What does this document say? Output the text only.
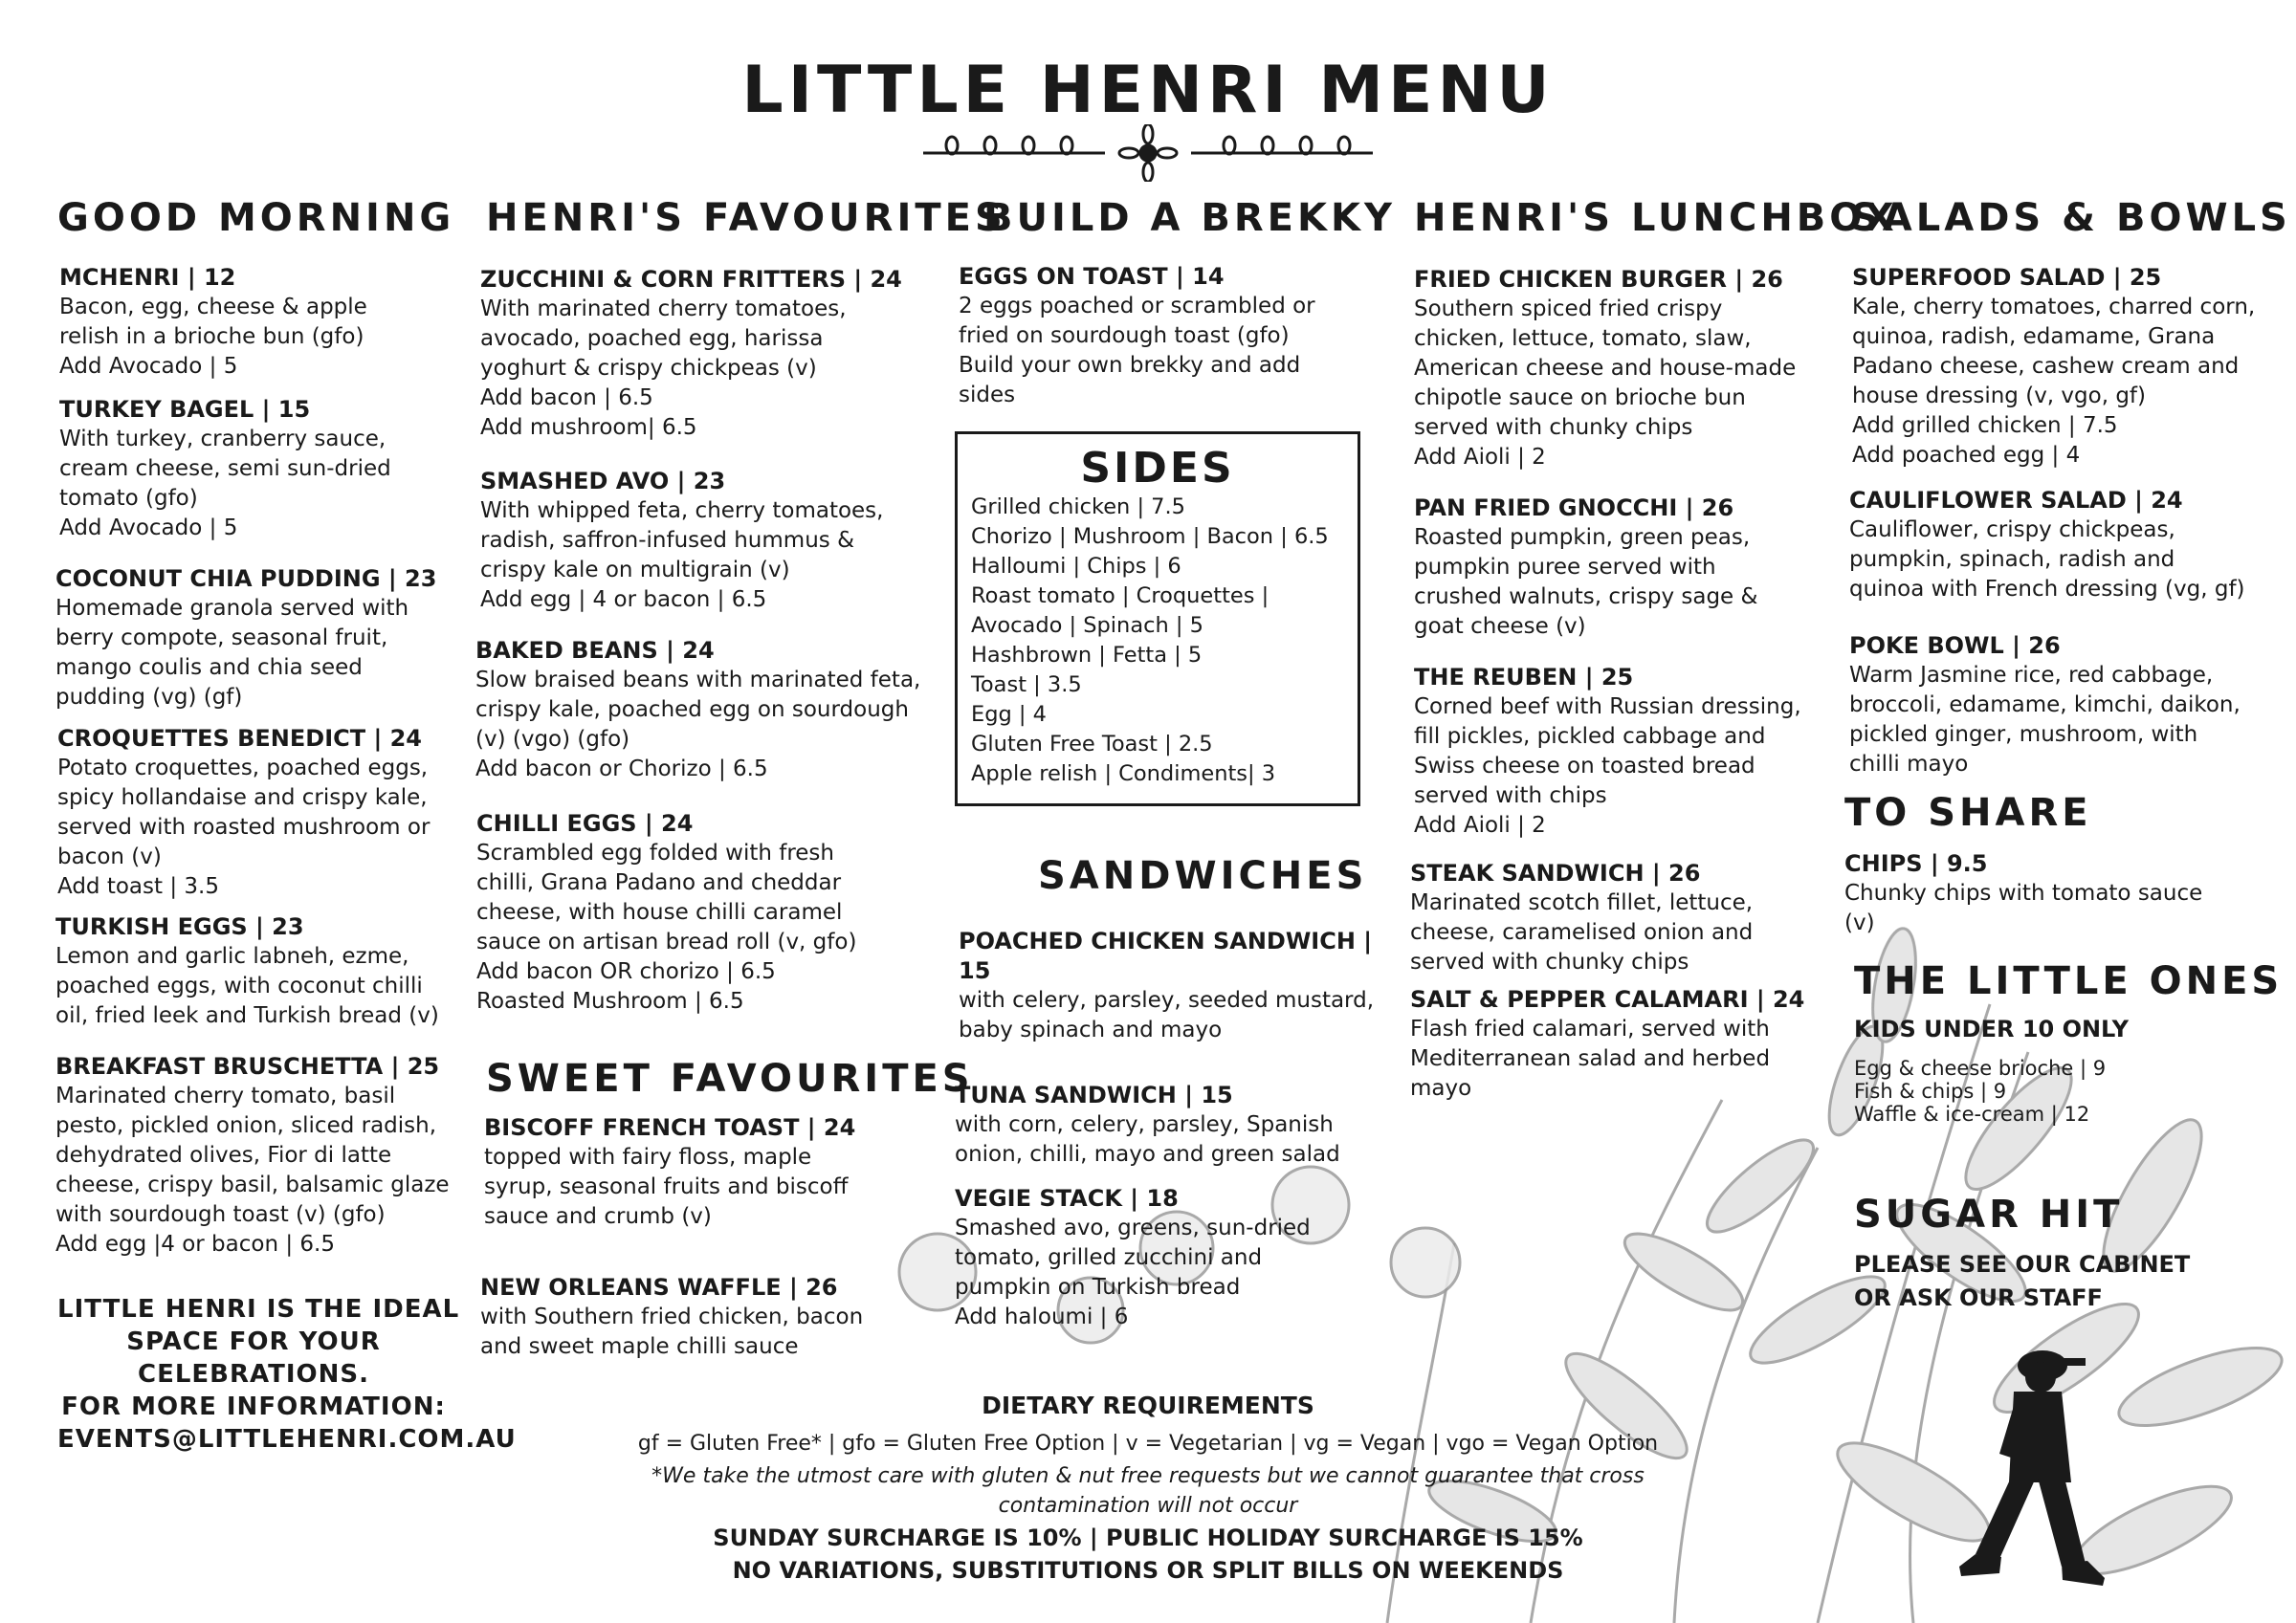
LITTLE HENRI MENU
GOOD MORNING HENRI'S FAVOURITES
BUILD A BREKKY HENRI'S LUNCHBOX
SALADS & BOWLS
SANDWICHES
SWEET FAVOURITES
TO SHARE
THE LITTLE ONES
SUGAR HIT
MCHENRI | 12
Bacon, egg, cheese & apple
relish in a brioche bun (gfo)
Add Avocado | 5
TURKEY BAGEL | 15
With turkey, cranberry sauce,
cream cheese, semi sun-dried
tomato (gfo)
Add Avocado | 5
COCONUT CHIA PUDDING | 23
Homemade granola served with
berry compote, seasonal fruit,
mango coulis and chia seed
pudding (vg) (gf)
CROQUETTES BENEDICT | 24
Potato croquettes, poached eggs,
spicy hollandaise and crispy kale,
served with roasted mushroom or
bacon (v)
Add toast | 3.5
TURKISH EGGS | 23
Lemon and garlic labneh, ezme,
poached eggs, with coconut chilli
oil, fried leek and Turkish bread (v)
BREAKFAST BRUSCHETTA | 25
Marinated cherry tomato, basil
pesto, pickled onion, sliced radish,
dehydrated olives, Fior di latte
cheese, crispy basil, balsamic glaze
with sourdough toast (v) (gfo)
Add egg |4 or bacon | 6.5
ZUCCHINI & CORN FRITTERS | 24
With marinated cherry tomatoes,
avocado, poached egg, harissa
yoghurt & crispy chickpeas (v)
Add bacon | 6.5
Add mushroom| 6.5
SMASHED AVO | 23
With whipped feta, cherry tomatoes,
radish, saffron-infused hummus &
crispy kale on multigrain (v)
Add egg | 4 or bacon | 6.5
BAKED BEANS | 24
Slow braised beans with marinated feta,
crispy kale, poached egg on sourdough
(v) (vgo) (gfo)
Add bacon or Chorizo | 6.5
CHILLI EGGS | 24
Scrambled egg folded with fresh
chilli, Grana Padano and cheddar
cheese, with house chilli caramel
sauce on artisan bread roll (v, gfo)
Add bacon OR chorizo | 6.5
Roasted Mushroom | 6.5
BISCOFF FRENCH TOAST | 24
topped with fairy floss, maple
syrup, seasonal fruits and biscoff
sauce and crumb (v)
NEW ORLEANS WAFFLE | 26
with Southern fried chicken, bacon
and sweet maple chilli sauce
EGGS ON TOAST | 14
2 eggs poached or scrambled or
fried on sourdough toast (gfo)
Build your own brekky and add
sides
SIDES
Grilled chicken | 7.5
Chorizo | Mushroom | Bacon | 6.5
Halloumi | Chips | 6
Roast tomato | Croquettes |
Avocado | Spinach | 5
Hashbrown | Fetta | 5
Toast | 3.5
Egg | 4
Gluten Free Toast | 2.5
Apple relish | Condiments| 3
POACHED CHICKEN SANDWICH |
15
with celery, parsley, seeded mustard,
baby spinach and mayo
TUNA SANDWICH | 15
with corn, celery, parsley, Spanish
onion, chilli, mayo and green salad
VEGIE STACK | 18
Smashed avo, greens, sun-dried
tomato, grilled zucchini and
pumpkin on Turkish bread
Add haloumi | 6
FRIED CHICKEN BURGER | 26
Southern spiced fried crispy
chicken, lettuce, tomato, slaw,
American cheese and house-made
chipotle sauce on brioche bun
served with chunky chips
Add Aioli | 2
PAN FRIED GNOCCHI | 26
Roasted pumpkin, green peas,
pumpkin puree served with
crushed walnuts, crispy sage &
goat cheese (v)
THE REUBEN | 25
Corned beef with Russian dressing,
fill pickles, pickled cabbage and
Swiss cheese on toasted bread
served with chips
Add Aioli | 2
STEAK SANDWICH | 26
Marinated scotch fillet, lettuce,
cheese, caramelised onion and
served with chunky chips
SALT & PEPPER CALAMARI | 24
Flash fried calamari, served with
Mediterranean salad and herbed
mayo
SUPERFOOD SALAD | 25
Kale, cherry tomatoes, charred corn,
quinoa, radish, edamame, Grana
Padano cheese, cashew cream and
house dressing (v, vgo, gf)
Add grilled chicken | 7.5
Add poached egg | 4
CAULIFLOWER SALAD | 24
Cauliflower, crispy chickpeas,
pumpkin, spinach, radish and
quinoa with French dressing (vg, gf)
POKE BOWL | 26
Warm Jasmine rice, red cabbage,
broccoli, edamame, kimchi, daikon,
pickled ginger, mushroom, with
chilli mayo
CHIPS | 9.5
Chunky chips with tomato sauce
(v)
KIDS UNDER 10 ONLY
Egg & cheese brioche | 9
Fish & chips | 9
Waffle & ice-cream | 12
PLEASE SEE OUR CABINET
OR ASK OUR STAFF
LITTLE HENRI IS THE IDEAL
SPACE FOR YOUR
CELEBRATIONS.
FOR MORE INFORMATION:
EVENTS@LITTLEHENRI.COM.AU
DIETARY REQUIREMENTS
gf = Gluten Free* | gfo = Gluten Free Option | v = Vegetarian | vg = Vegan | vgo = Vegan Option
*We take the utmost care with gluten & nut free requests but we cannot guarantee that cross
contamination will not occur
SUNDAY SURCHARGE IS 10% | PUBLIC HOLIDAY SURCHARGE IS 15%
NO VARIATIONS, SUBSTITUTIONS OR SPLIT BILLS ON WEEKENDS
